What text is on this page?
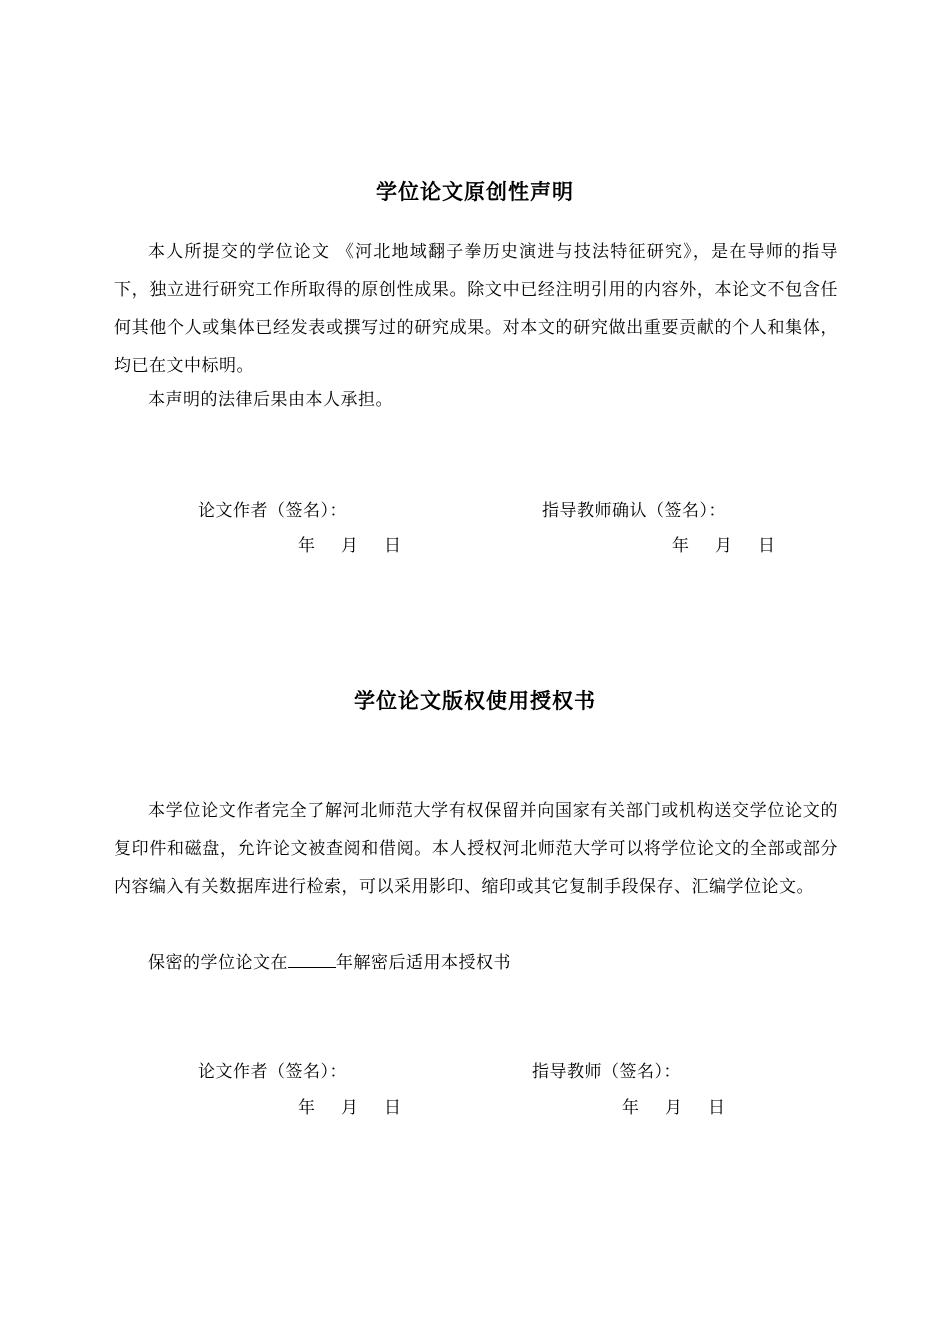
学位论文原创性声明
本人所提交的学位论文 《河北地域翻子拳历史演进与技法特征研究》，是在导师的指导下，独立进行研究工作所取得的原创性成果。除文中已经注明引用的内容外，本论文不包含任何其他个人或集体已经发表或撰写过的研究成果。对本文的研究做出重要贡献的个人和集体，均已在文中标明。
本声明的法律后果由本人承担。
论文作者（签名）：	指导教师确认（签名）：
年 月 日	年 月 日
学位论文版权使用授权书
本学位论文作者完全了解河北师范大学有权保留并向国家有关部门或机构送交学位论文的复印件和磁盘，允许论文被查阅和借阅。本人授权河北师范大学可以将学位论文的全部或部分内容编入有关数据库进行检索，可以采用影印、缩印或其它复制手段保存、汇编学位论文。
保密的学位论文在	年解密后适用本授权书
论文作者（签名）：	指导教师（签名）：
年 月 日	年 月 日
